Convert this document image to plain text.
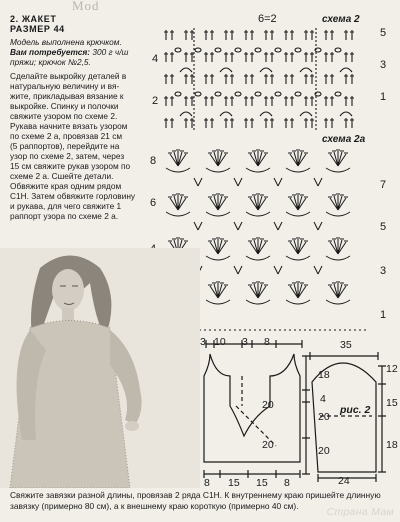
Mod
2. ЖАКЕТ
РАЗМЕР 44
Модель выполнена крючком.
Вам потребуется: 300 г ч/ш
пряжи; крючок №2,5.
Сделайте выкройку деталей в
натуральную величину и вя-
жите, прикладывая вязание к
выкройке. Спинку и полочки
свяжите узором по схеме 2.
Рукава начните вязать узором
по схеме 2 а, провязав 21 см
(5 раппортов), перейдите на
узор по схеме 2, затем, через
15 см свяжите рукав узором по
схеме 2 а. Сшейте детали.
Обвяжите края одним рядом
С1Н. Затем обвяжите горловину
и рукава, для чего свяжите 1
раппорт узора по схеме 2 а.
6=2	схема 2
5
3
1
4
2
схема 2а
7
5
3
1
8
6
3 10 3 8
18
4
20
20
20
20
8 15 15 8
35
12
15
18
24
рис. 2
Свяжите завязки разной длины, провязав 2 ряда С1Н. К внутреннему краю пришейте длинную
завязку (примерно 80 см), а к внешнему краю короткую (примерно 40 см).
Страна Мам
